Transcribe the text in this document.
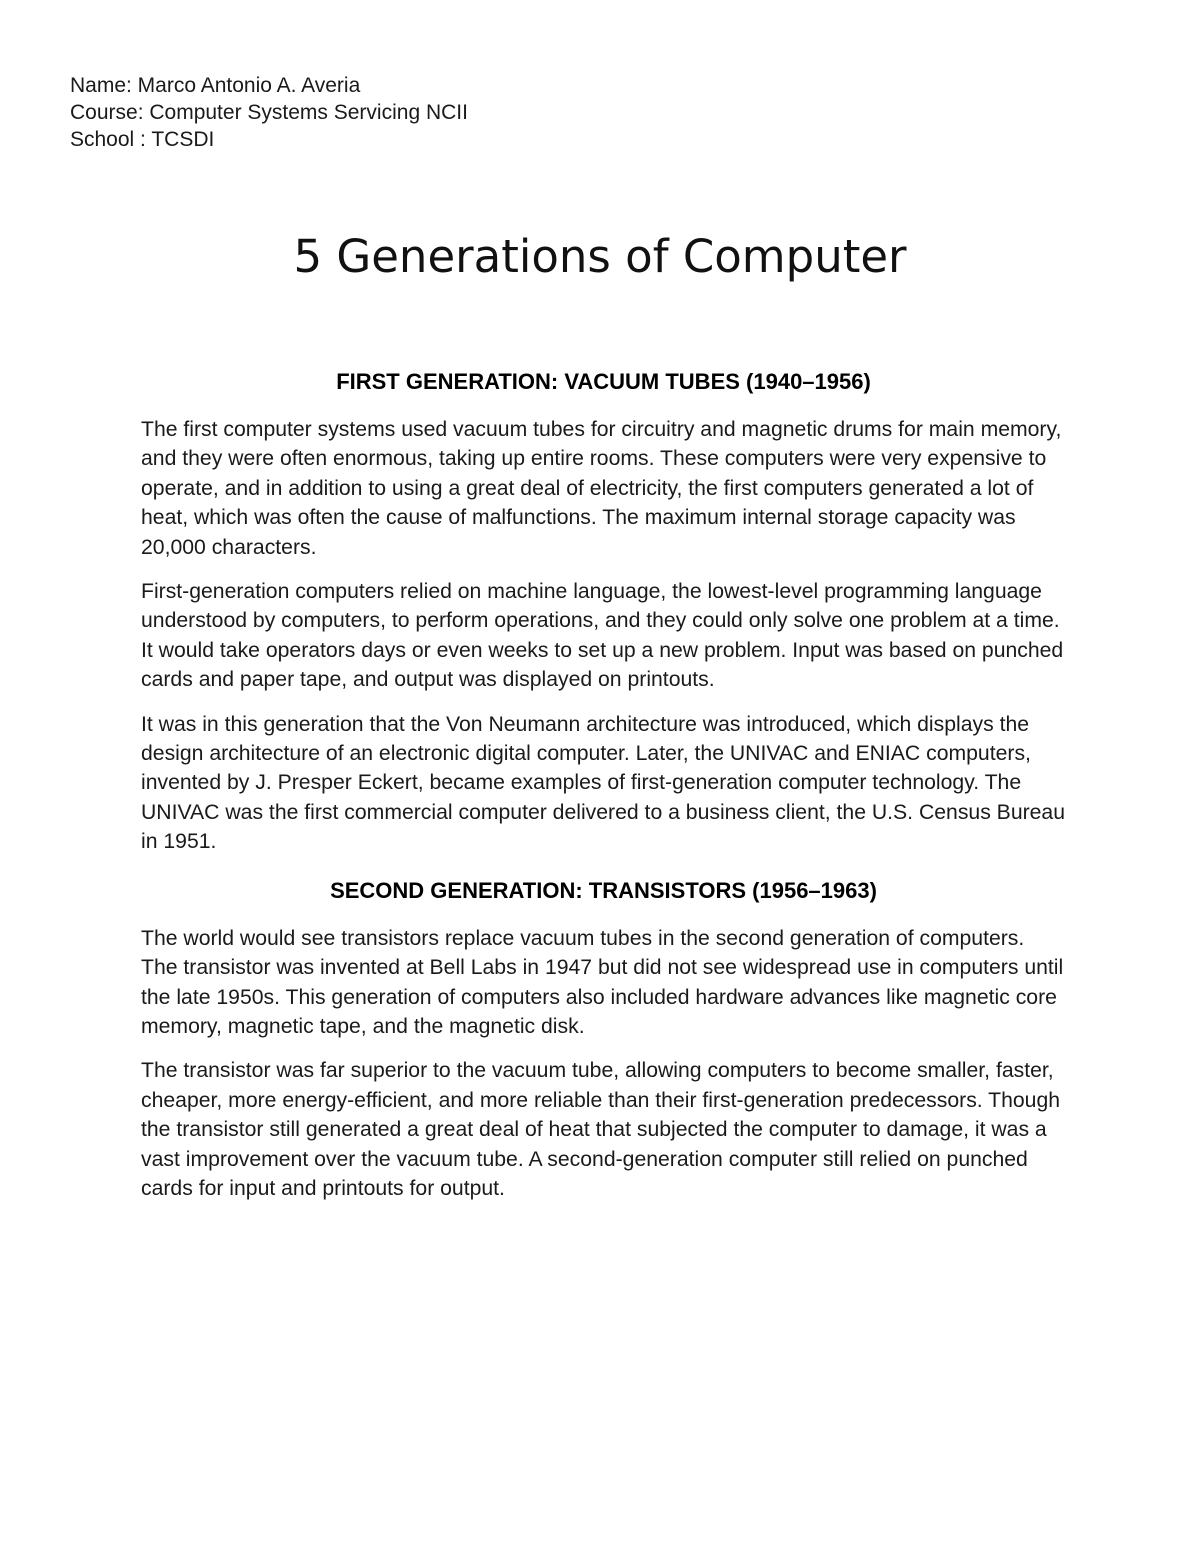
Name: Marco Antonio A. Averia
Course: Computer Systems Servicing NCII
School : TCSDI
5 Generations of Computer
FIRST GENERATION: VACUUM TUBES (1940–1956)

The first computer systems used vacuum tubes for circuitry and magnetic drums for main memory, and they were often enormous, taking up entire rooms. These computers were very expensive to operate, and in addition to using a great deal of electricity, the first computers generated a lot of heat, which was often the cause of malfunctions. The maximum internal storage capacity was 20,000 characters.

First-generation computers relied on machine language, the lowest-level programming language understood by computers, to perform operations, and they could only solve one problem at a time. It would take operators days or even weeks to set up a new problem. Input was based on punched cards and paper tape, and output was displayed on printouts.

It was in this generation that the Von Neumann architecture was introduced, which displays the design architecture of an electronic digital computer. Later, the UNIVAC and ENIAC computers, invented by J. Presper Eckert, became examples of first-generation computer technology. The UNIVAC was the first commercial computer delivered to a business client, the U.S. Census Bureau in 1951.

SECOND GENERATION: TRANSISTORS (1956–1963)

The world would see transistors replace vacuum tubes in the second generation of computers. The transistor was invented at Bell Labs in 1947 but did not see widespread use in computers until the late 1950s. This generation of computers also included hardware advances like magnetic core memory, magnetic tape, and the magnetic disk.

The transistor was far superior to the vacuum tube, allowing computers to become smaller, faster, cheaper, more energy-efficient, and more reliable than their first-generation predecessors. Though the transistor still generated a great deal of heat that subjected the computer to damage, it was a vast improvement over the vacuum tube. A second-generation computer still relied on punched cards for input and printouts for output.
